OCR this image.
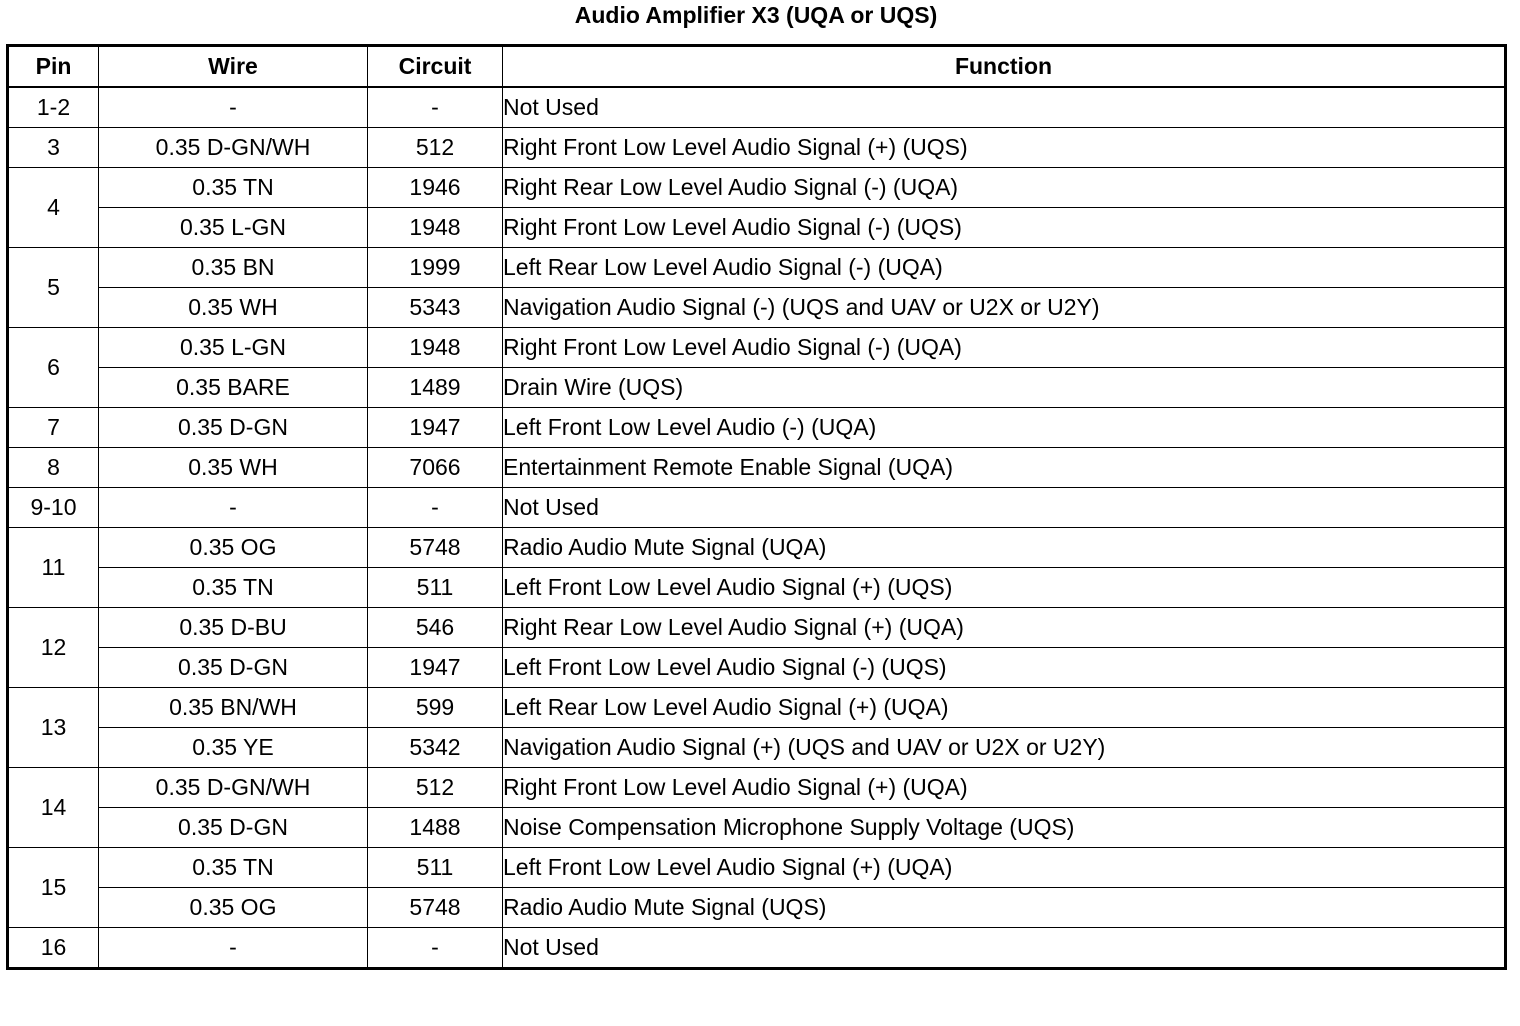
Audio Amplifier X3 (UQA or UQS)
Pin	Wire	Circuit	Function
1-2	-	-	Not Used
3	0.35 D-GN/WH	512	Right Front Low Level Audio Signal (+) (UQS)
4	0.35 TN	1946	Right Rear Low Level Audio Signal (-) (UQA)
	0.35 L-GN	1948	Right Front Low Level Audio Signal (-) (UQS)
5	0.35 BN	1999	Left Rear Low Level Audio Signal (-) (UQA)
	0.35 WH	5343	Navigation Audio Signal (-) (UQS and UAV or U2X or U2Y)
6	0.35 L-GN	1948	Right Front Low Level Audio Signal (-) (UQA)
	0.35 BARE	1489	Drain Wire (UQS)
7	0.35 D-GN	1947	Left Front Low Level Audio (-) (UQA)
8	0.35 WH	7066	Entertainment Remote Enable Signal (UQA)
9-10	-	-	Not Used
11	0.35 OG	5748	Radio Audio Mute Signal (UQA)
	0.35 TN	511	Left Front Low Level Audio Signal (+) (UQS)
12	0.35 D-BU	546	Right Rear Low Level Audio Signal (+) (UQA)
	0.35 D-GN	1947	Left Front Low Level Audio Signal (-) (UQS)
13	0.35 BN/WH	599	Left Rear Low Level Audio Signal (+) (UQA)
	0.35 YE	5342	Navigation Audio Signal (+) (UQS and UAV or U2X or U2Y)
14	0.35 D-GN/WH	512	Right Front Low Level Audio Signal (+) (UQA)
	0.35 D-GN	1488	Noise Compensation Microphone Supply Voltage (UQS)
15	0.35 TN	511	Left Front Low Level Audio Signal (+) (UQA)
	0.35 OG	5748	Radio Audio Mute Signal (UQS)
16	-	-	Not Used
